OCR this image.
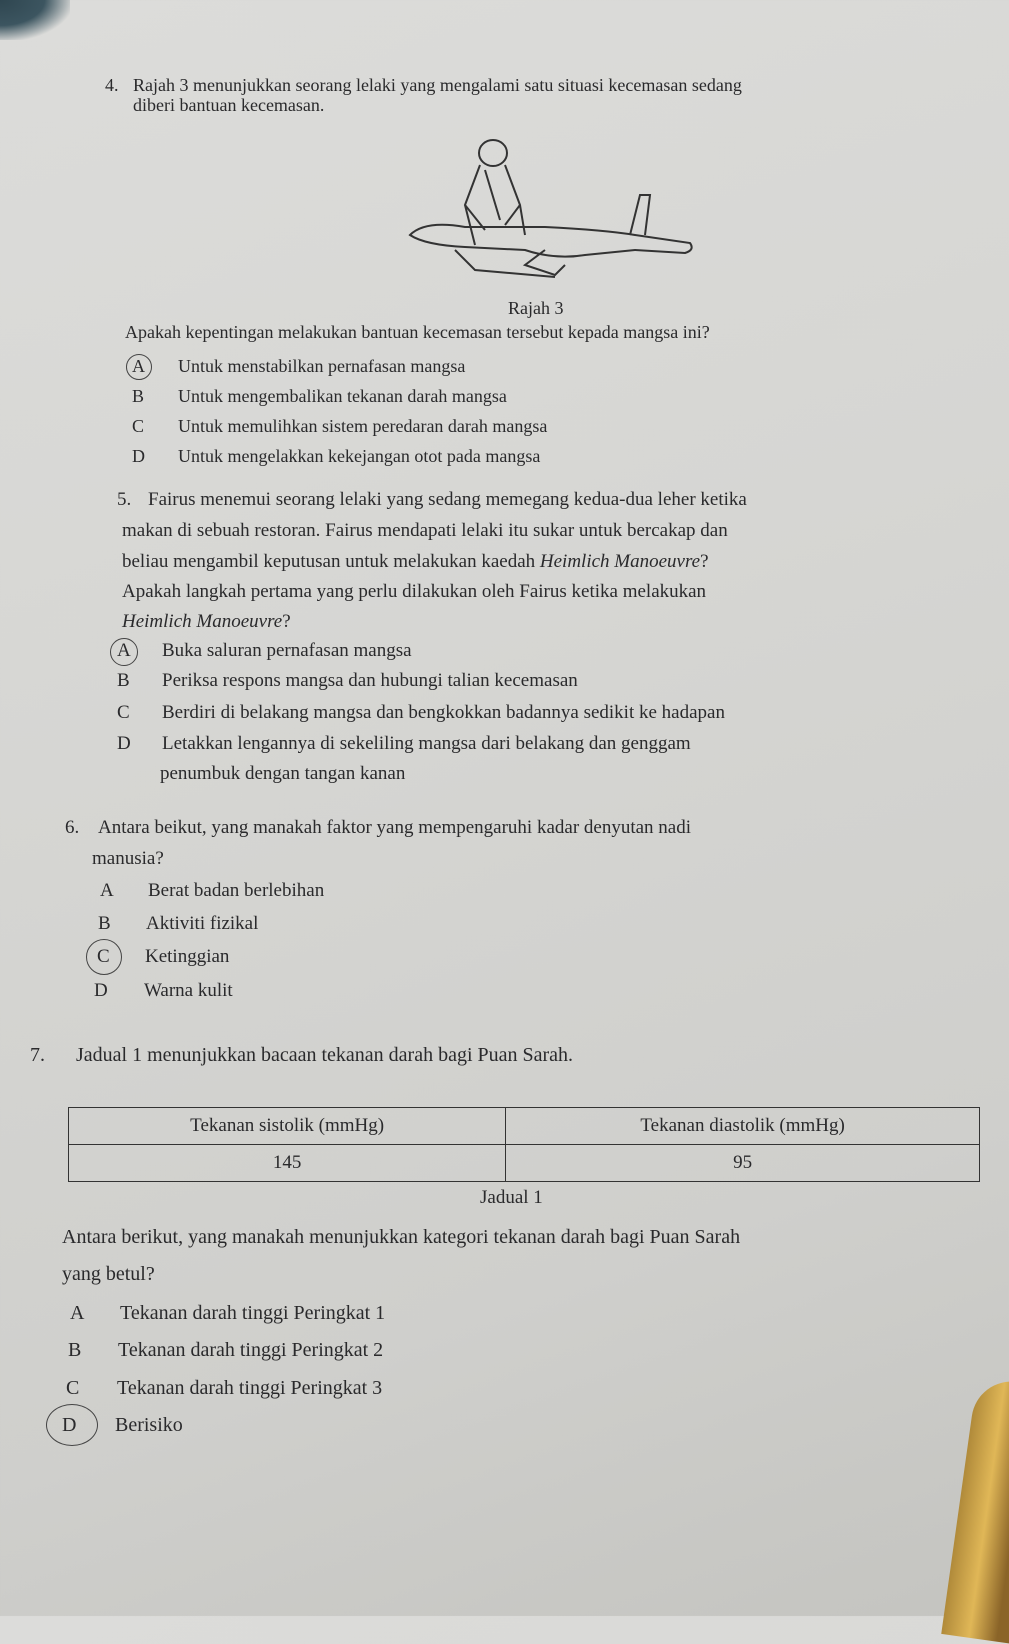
4. Rajah 3 menunjukkan seorang lelaki yang mengalami satu situasi kecemasan sedang
diberi bantuan kecemasan.
Rajah 3
Apakah kepentingan melakukan bantuan kecemasan tersebut kepada mangsa ini?
A Untuk menstabilkan pernafasan mangsa
B Untuk mengembalikan tekanan darah mangsa
C Untuk memulihkan sistem peredaran darah mangsa
D Untuk mengelakkan kekejangan otot pada mangsa
5. Fairus menemui seorang lelaki yang sedang memegang kedua-dua leher ketika
makan di sebuah restoran. Fairus mendapati lelaki itu sukar untuk bercakap dan
beliau mengambil keputusan untuk melakukan kaedah Heimlich Manoeuvre?
Apakah langkah pertama yang perlu dilakukan oleh Fairus ketika melakukan
Heimlich Manoeuvre?
A Buka saluran pernafasan mangsa
B Periksa respons mangsa dan hubungi talian kecemasan
C Berdiri di belakang mangsa dan bengkokkan badannya sedikit ke hadapan
D Letakkan lengannya di sekeliling mangsa dari belakang dan genggam
penumbuk dengan tangan kanan
6. Antara beikut, yang manakah faktor yang mempengaruhi kadar denyutan nadi
manusia?
A Berat badan berlebihan
B Aktiviti fizikal
C Ketinggian
D Warna kulit
7. Jadual 1 menunjukkan bacaan tekanan darah bagi Puan Sarah.
Tekanan sistolik (mmHg)	Tekanan diastolik (mmHg)
145	95
Jadual 1
Antara berikut, yang manakah menunjukkan kategori tekanan darah bagi Puan Sarah
yang betul?
A Tekanan darah tinggi Peringkat 1
B Tekanan darah tinggi Peringkat 2
C Tekanan darah tinggi Peringkat 3
D Berisiko
